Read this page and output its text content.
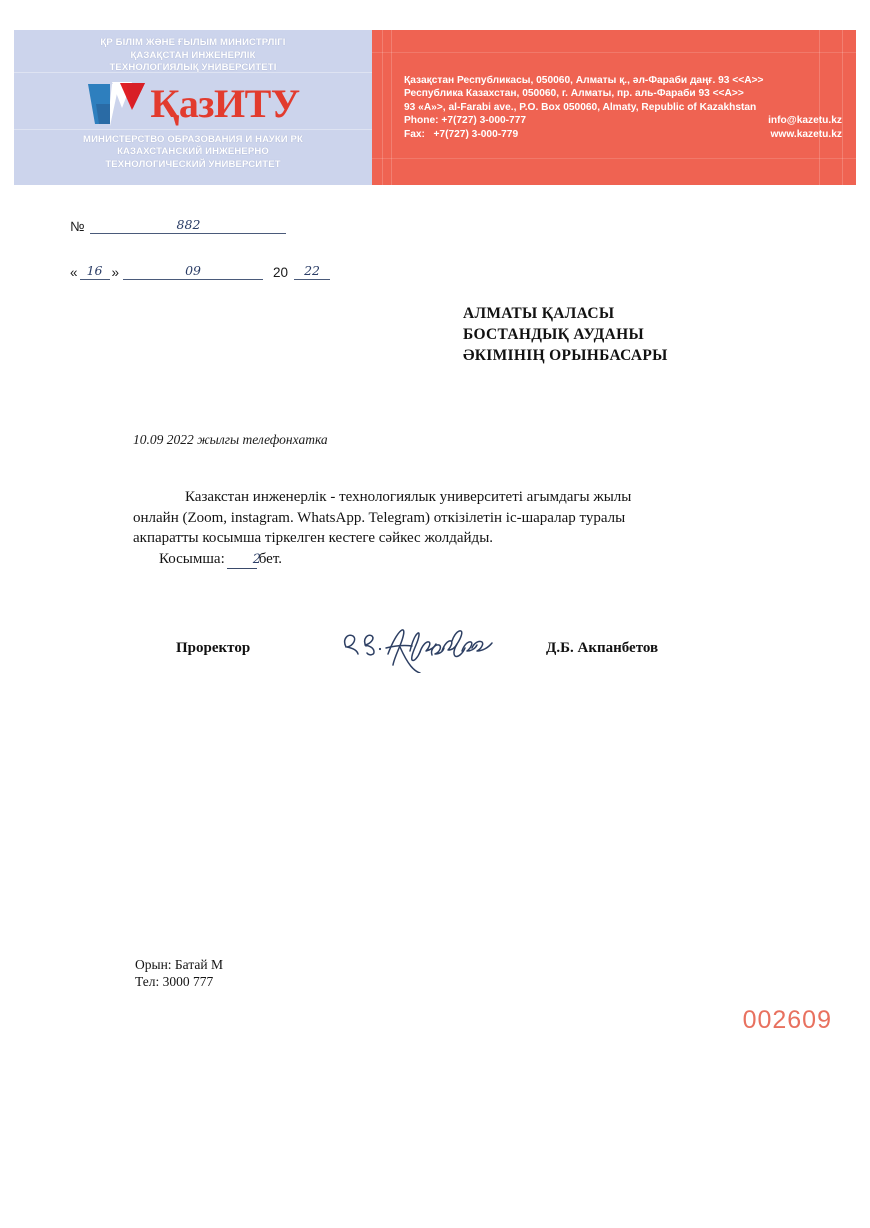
ҚР БІЛІМ ЖӘНЕ ҒЫЛЫМ МИНИСТРЛІГІ
ҚАЗАҚСТАН ИНЖЕНЕРЛІК
ТЕХНОЛОГИЯЛЫҚ УНИВЕРСИТЕТІ
ҚазИТУ
МИНИСТЕРСТВО ОБРАЗОВАНИЯ И НАУКИ РК
КАЗАХСТАНСКИЙ ИНЖЕНЕРНО
ТЕХНОЛОГИЧЕСКИЙ УНИВЕРСИТЕТ
Қазақстан Республикасы, 050060, Алматы қ., әл-Фараби даңғ. 93 <<А>>
Республика Казахстан, 050060, г. Алматы, пр. аль-Фараби 93 <<А>>
93 «А»>, al-Farabi ave., P.O. Box 050060, Almaty, Republic of Kazakhstan
Phone: +7(727) 3-000-777	info@kazetu.kz
Fax: +7(727) 3-000-779	www.kazetu.kz
№	882
« 16 »	09	20 22
АЛМАТЫ ҚАЛАСЫ
БОСТАНДЫҚ АУДАНЫ
ӘКІМІНІҢ ОРЫНБАСАРЫ
10.09 2022 жылгы телефонхатка

Казакстан инженерлік - технологиялык университеті агымдагы жылы онлайн (Zoom, instagram. WhatsApp. Telegram) откізілетін іс-шаралар туралы акпаратты косымша тіркелген кестеге сәйкес жолдайды.

Косымша: 2бет.

Проректор	Д.Б. Акпанбетов
Орын: Батай М
Тел: 3000 777
002609
